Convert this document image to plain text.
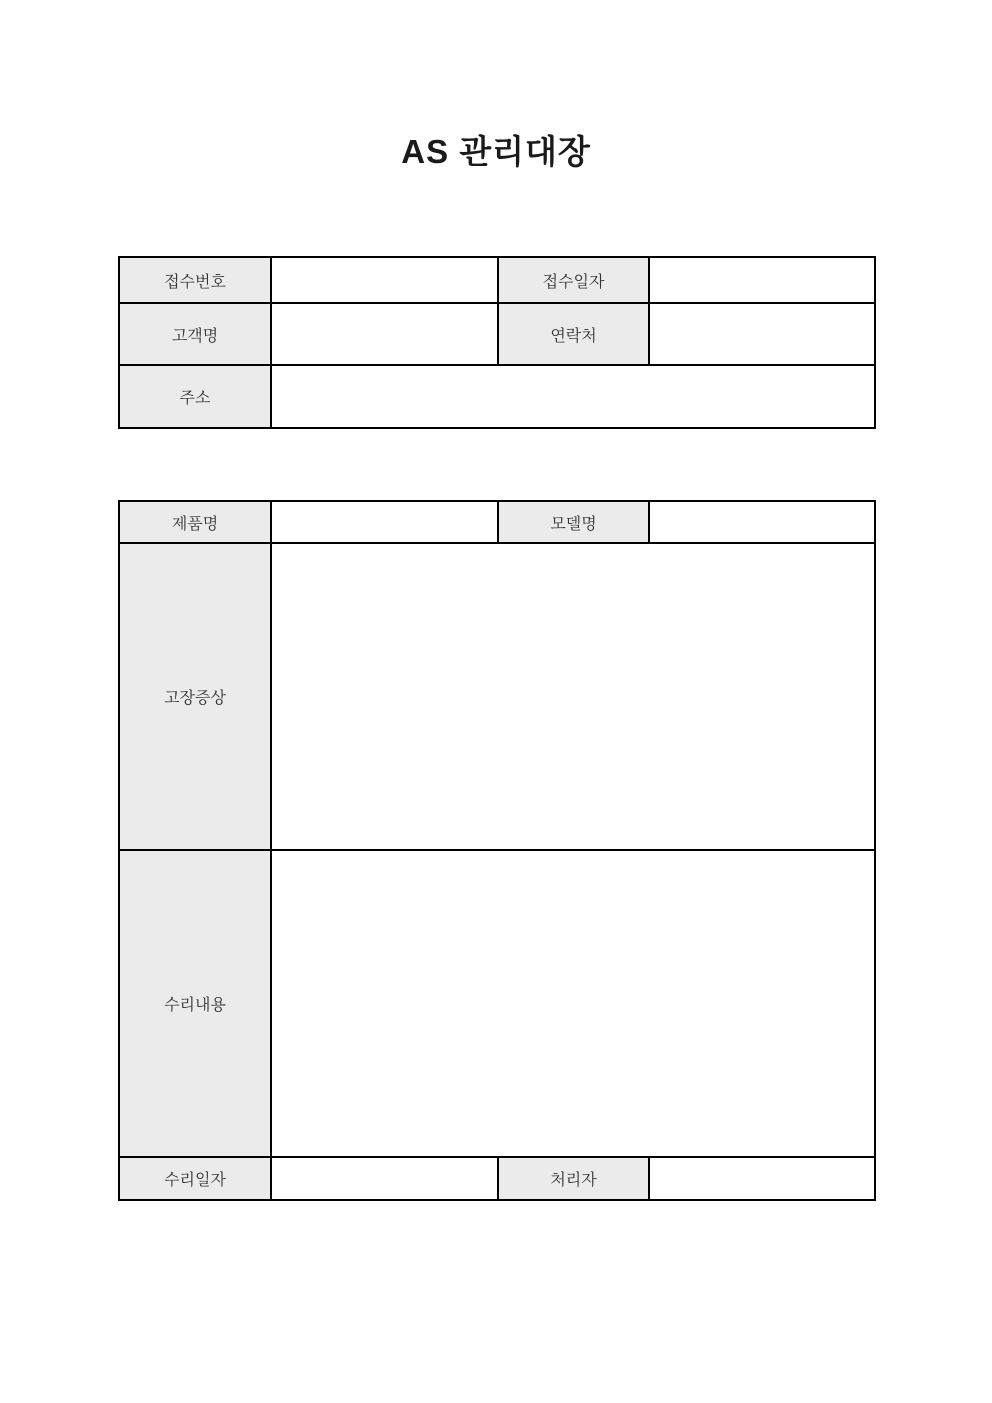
AS 관리대장
접수번호		접수일자	
고객명		연락처	
주소			
제품명		모델명	
고장증상			
수리내용			
수리일자		처리자	
